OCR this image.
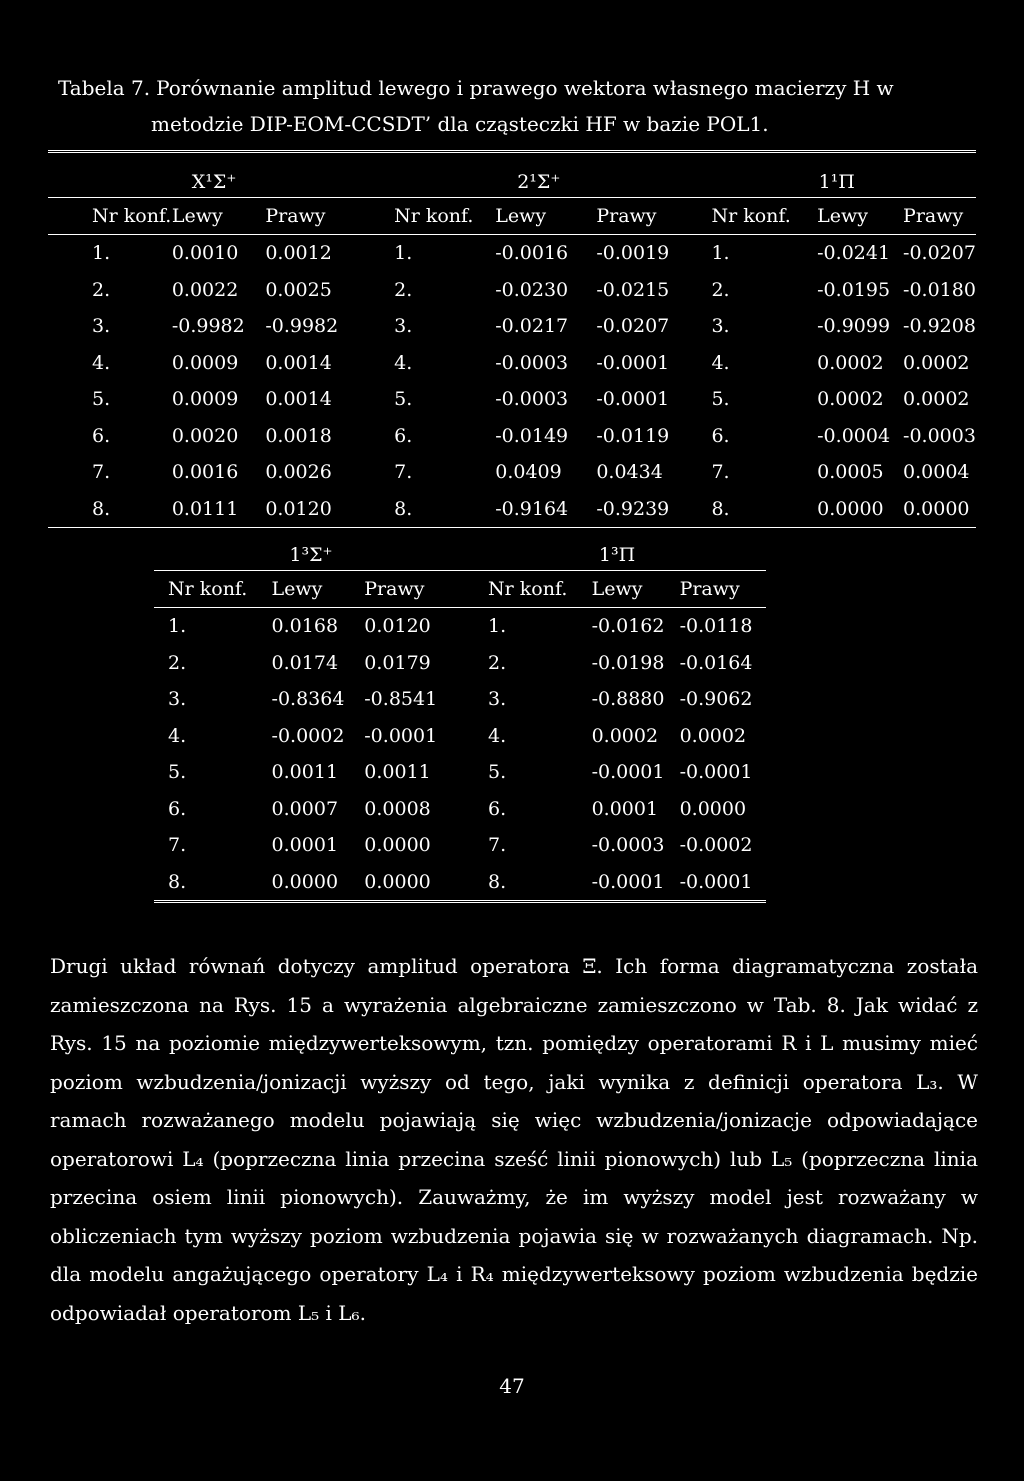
Tabela 7. Porównanie amplitud lewego i prawego wektora własnego macierzy H w
metodzie DIP-EOM-CCSDT’ dla cząsteczki HF w bazie POL1.
X¹Σ⁺			2¹Σ⁺			1¹Π		
Nr konf.	Lewy	Prawy	Nr konf.	Lewy	Prawy	Nr konf.	Lewy	Prawy
1.	0.0010	0.0012	1.	-0.0016	-0.0019	1.	-0.0241	-0.0207
2.	0.0022	0.0025	2.	-0.0230	-0.0215	2.	-0.0195	-0.0180
3.	-0.9982	-0.9982	3.	-0.0217	-0.0207	3.	-0.9099	-0.9208
4.	0.0009	0.0014	4.	-0.0003	-0.0001	4.	0.0002	0.0002
5.	0.0009	0.0014	5.	-0.0003	-0.0001	5.	0.0002	0.0002
6.	0.0020	0.0018	6.	-0.0149	-0.0119	6.	-0.0004	-0.0003
7.	0.0016	0.0026	7.	0.0409	0.0434	7.	0.0005	0.0004
8.	0.0111	0.0120	8.	-0.9164	-0.9239	8.	0.0000	0.0000
1³Σ⁺			1³Π		
Nr konf.	Lewy	Prawy	Nr konf.	Lewy	Prawy
1.	0.0168	0.0120	1.	-0.0162	-0.0118
2.	0.0174	0.0179	2.	-0.0198	-0.0164
3.	-0.8364	-0.8541	3.	-0.8880	-0.9062
4.	-0.0002	-0.0001	4.	0.0002	0.0002
5.	0.0011	0.0011	5.	-0.0001	-0.0001
6.	0.0007	0.0008	6.	0.0001	0.0000
7.	0.0001	0.0000	7.	-0.0003	-0.0002
8.	0.0000	0.0000	8.	-0.0001	-0.0001

Drugi układ równań dotyczy amplitud operatora Ξ. Ich forma diagramatyczna została zamieszczona na Rys. 15 a wyrażenia algebraiczne zamieszczono w Tab. 8. Jak widać z Rys. 15 na poziomie międzywerteksowym, tzn. pomiędzy operatorami R i L musimy mieć poziom wzbudzenia/jonizacji wyższy od tego, jaki wynika z definicji operatora L₃. W ramach rozważanego modelu pojawiają się więc wzbudzenia/jonizacje odpowiadające operatorowi L₄ (poprzeczna linia przecina sześć linii pionowych) lub L₅ (poprzeczna linia przecina osiem linii pionowych). Zauważmy, że im wyższy model jest rozważany w obliczeniach tym wyższy poziom wzbudzenia pojawia się w rozważanych diagramach. Np. dla modelu angażującego operatory L₄ i R₄ międzywerteksowy poziom wzbudzenia będzie odpowiadał operatorom L₅ i L₆.

47
